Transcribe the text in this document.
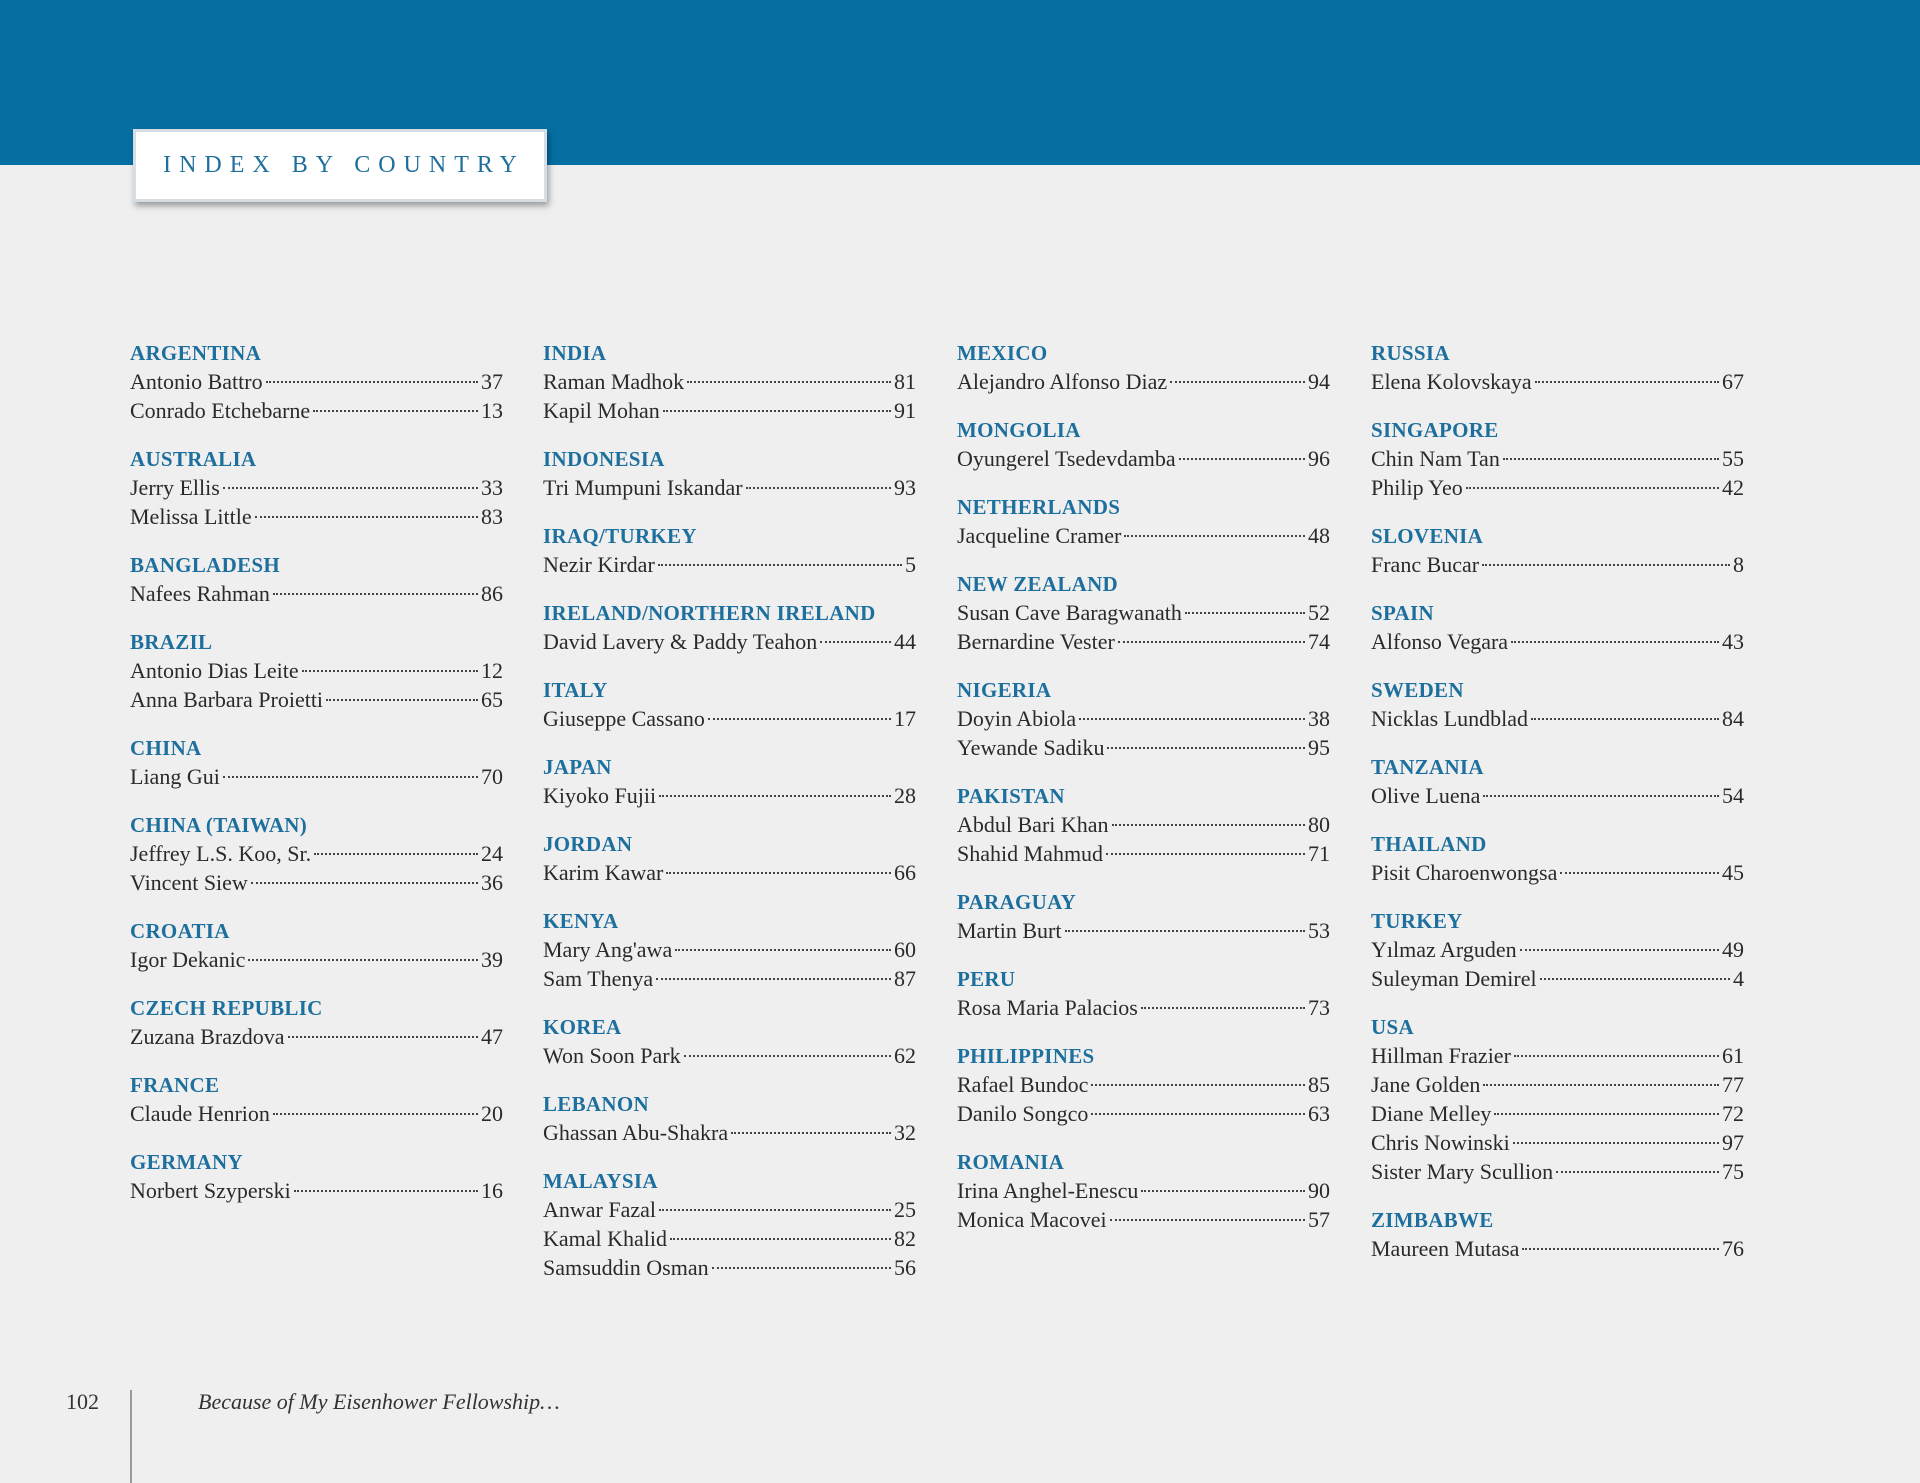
INDEX BY COUNTRY
ARGENTINA
Antonio Battro	37
Conrado Etchebarne	13
AUSTRALIA
Jerry Ellis	33
Melissa Little	83
BANGLADESH
Nafees Rahman	86
BRAZIL
Antonio Dias Leite	12
Anna Barbara Proietti	65
CHINA
Liang Gui	70
CHINA (TAIWAN)
Jeffrey L.S. Koo, Sr.	24
Vincent Siew	36
CROATIA
Igor Dekanic	39
CZECH REPUBLIC
Zuzana Brazdova	47
FRANCE
Claude Henrion	20
GERMANY
Norbert Szyperski	16
INDIA
Raman Madhok	81
Kapil Mohan	91
INDONESIA
Tri Mumpuni Iskandar	93
IRAQ/TURKEY
Nezir Kirdar	5
IRELAND/NORTHERN IRELAND
David Lavery & Paddy Teahon	44
ITALY
Giuseppe Cassano	17
JAPAN
Kiyoko Fujii	28
JORDAN
Karim Kawar	66
KENYA
Mary Ang'awa	60
Sam Thenya	87
KOREA
Won Soon Park	62
LEBANON
Ghassan Abu-Shakra	32
MALAYSIA
Anwar Fazal	25
Kamal Khalid	82
Samsuddin Osman	56
MEXICO
Alejandro Alfonso Diaz	94
MONGOLIA
Oyungerel Tsedevdamba	96
NETHERLANDS
Jacqueline Cramer	48
NEW ZEALAND
Susan Cave Baragwanath	52
Bernardine Vester	74
NIGERIA
Doyin Abiola	38
Yewande Sadiku	95
PAKISTAN
Abdul Bari Khan	80
Shahid Mahmud	71
PARAGUAY
Martin Burt	53
PERU
Rosa Maria Palacios	73
PHILIPPINES
Rafael Bundoc	85
Danilo Songco	63
ROMANIA
Irina Anghel-Enescu	90
Monica Macovei	57
RUSSIA
Elena Kolovskaya	67
SINGAPORE
Chin Nam Tan	55
Philip Yeo	42
SLOVENIA
Franc Bucar	8
SPAIN
Alfonso Vegara	43
SWEDEN
Nicklas Lundblad	84
TANZANIA
Olive Luena	54
THAILAND
Pisit Charoenwongsa	45
TURKEY
Yılmaz Arguden	49
Suleyman Demirel	4
USA
Hillman Frazier	61
Jane Golden	77
Diane Melley	72
Chris Nowinski	97
Sister Mary Scullion	75
ZIMBABWE
Maureen Mutasa	76
102	Because of My Eisenhower Fellowship…
